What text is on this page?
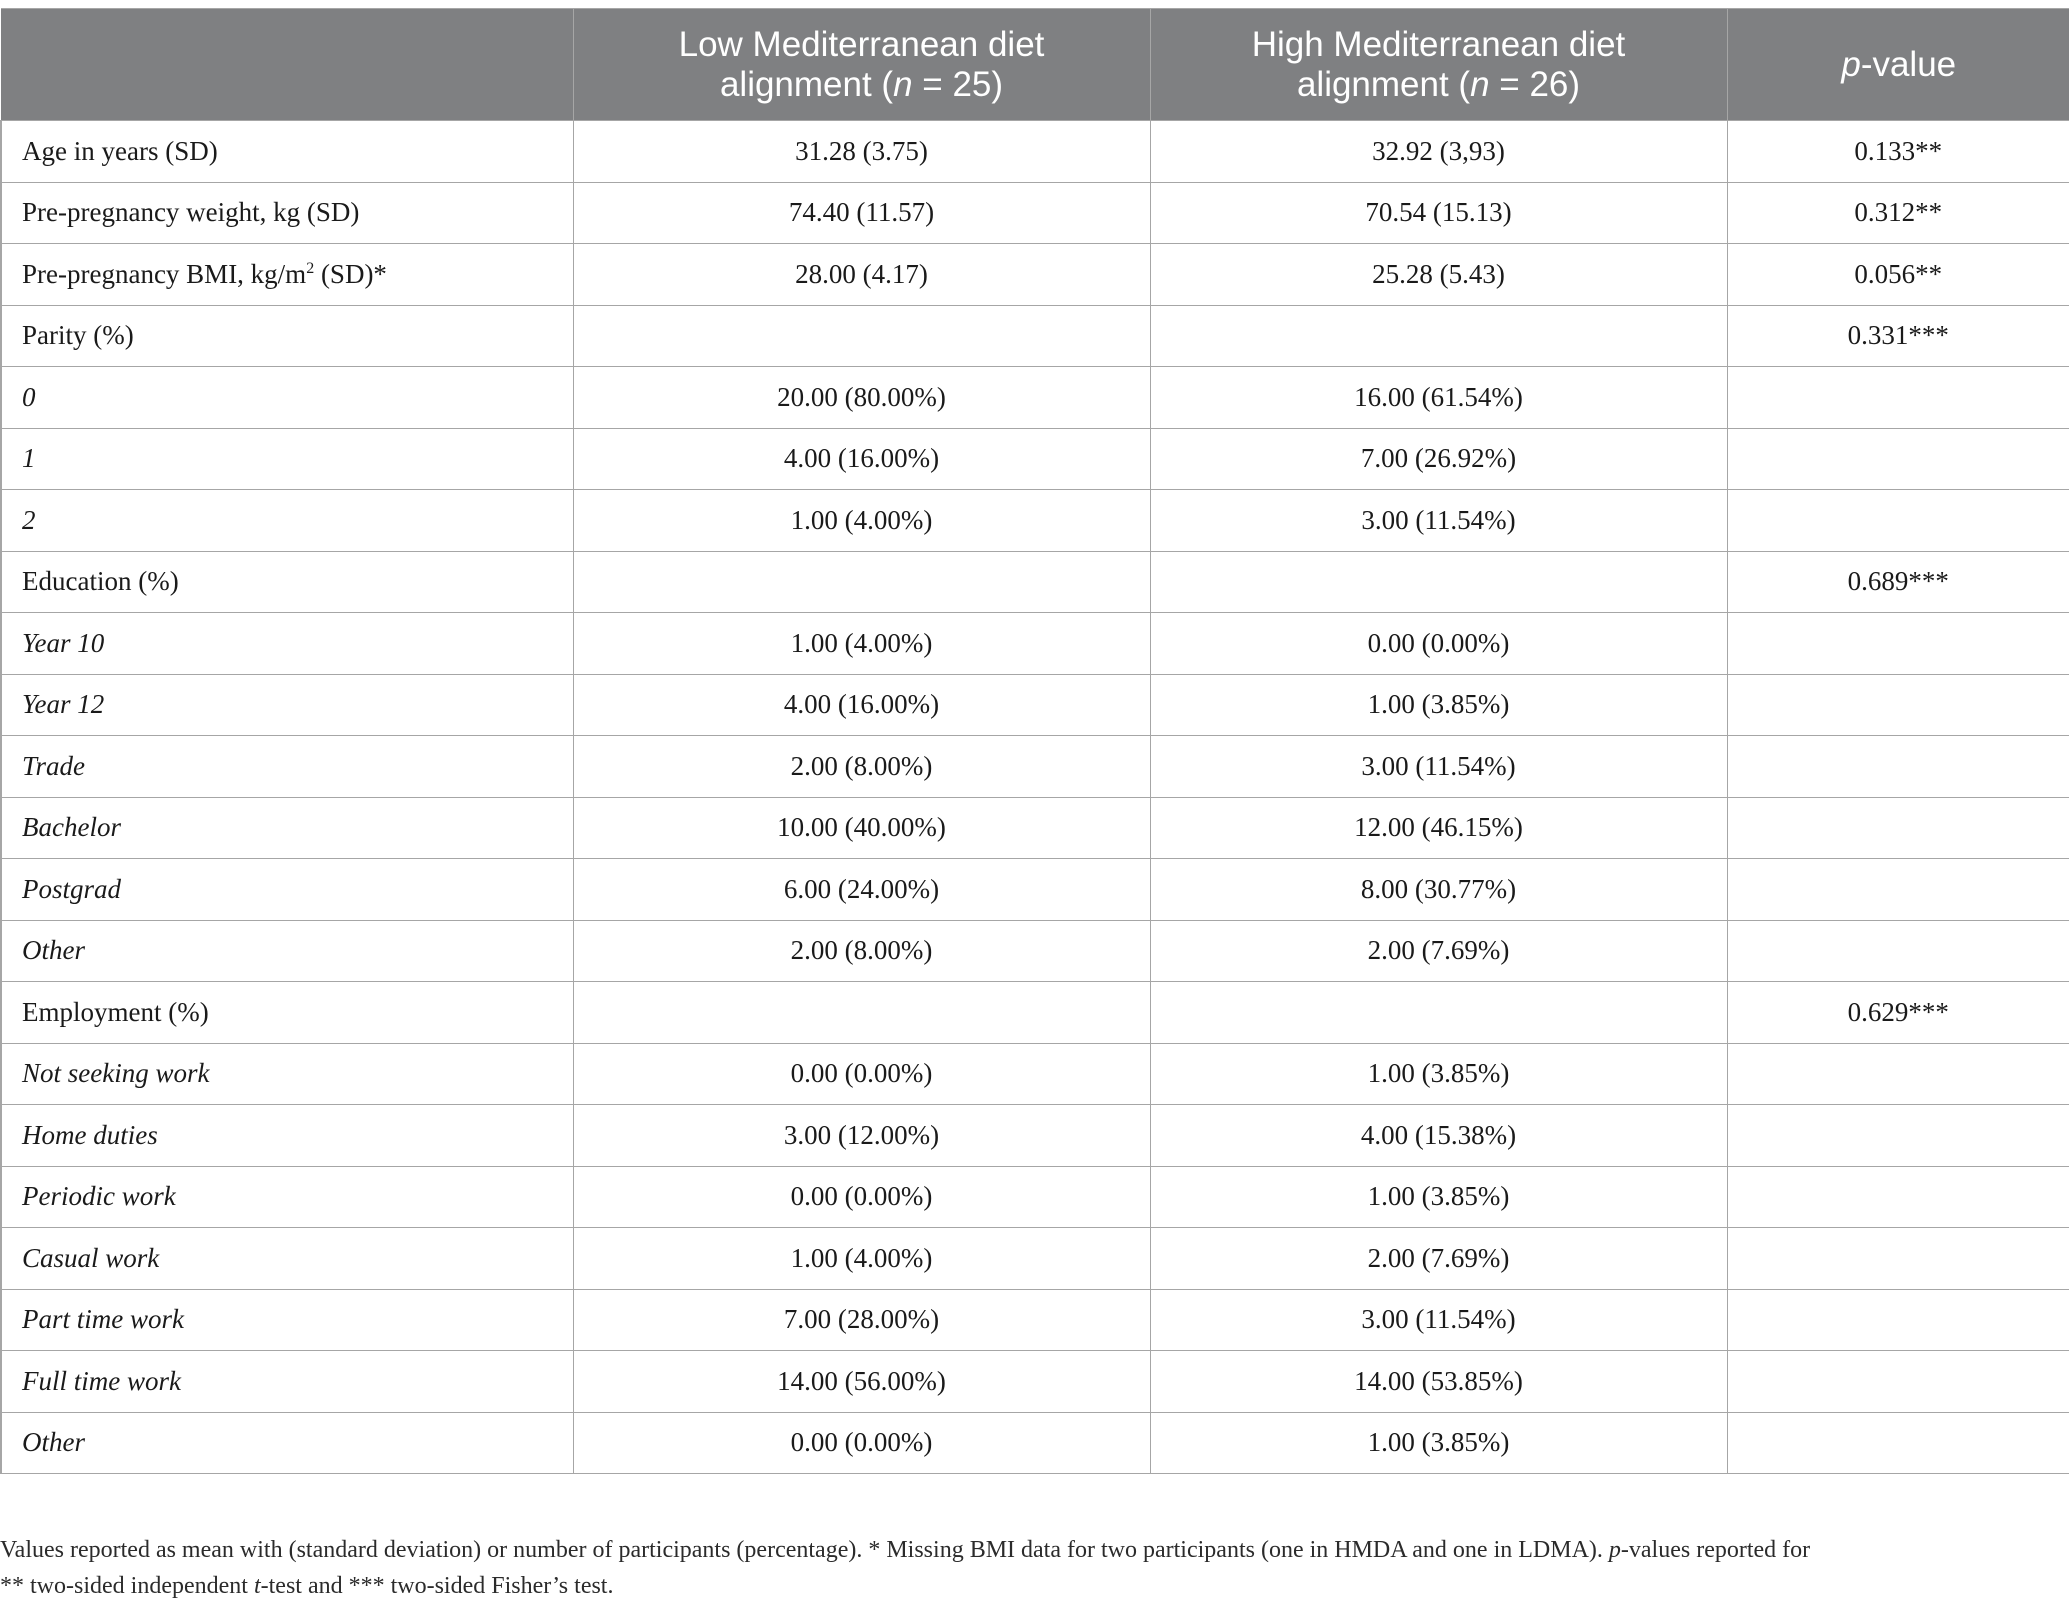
	Low Mediterranean diet
alignment (n = 25)	High Mediterranean diet
alignment (n = 26)	p-value
Age in years (SD)	31.28 (3.75)	32.92 (3,93)	0.133**
Pre-pregnancy weight, kg (SD)	74.40 (11.57)	70.54 (15.13)	0.312**
Pre-pregnancy BMI, $kg/m^2$ (SD)*	28.00 (4.17)	25.28 (5.43)	0.056**
Parity (%)			0.331***
0	20.00 (80.00%)	16.00 (61.54%)	
1	4.00 (16.00%)	7.00 (26.92%)	
2	1.00 (4.00%)	3.00 (11.54%)	
Education (%)			0.689***
Year 10	1.00 (4.00%)	0.00 (0.00%)	
Year 12	4.00 (16.00%)	1.00 (3.85%)	
Trade	2.00 (8.00%)	3.00 (11.54%)	
Bachelor	10.00 (40.00%)	12.00 (46.15%)	
Postgrad	6.00 (24.00%)	8.00 (30.77%)	
Other	2.00 (8.00%)	2.00 (7.69%)	
Employment (%)			0.629***
Not seeking work	0.00 (0.00%)	1.00 (3.85%)	
Home duties	3.00 (12.00%)	4.00 (15.38%)	
Periodic work	0.00 (0.00%)	1.00 (3.85%)	
Casual work	1.00 (4.00%)	2.00 (7.69%)	
Part time work	7.00 (28.00%)	3.00 (11.54%)	
Full time work	14.00 (56.00%)	14.00 (53.85%)	
Other	0.00 (0.00%)	1.00 (3.85%)	
Values reported as mean with (standard deviation) or number of participants (percentage). * Missing BMI data for two participants (one in HMDA and one in LDMA). p-values reported for
** two-sided independent t-test and *** two-sided Fisher’s test.
